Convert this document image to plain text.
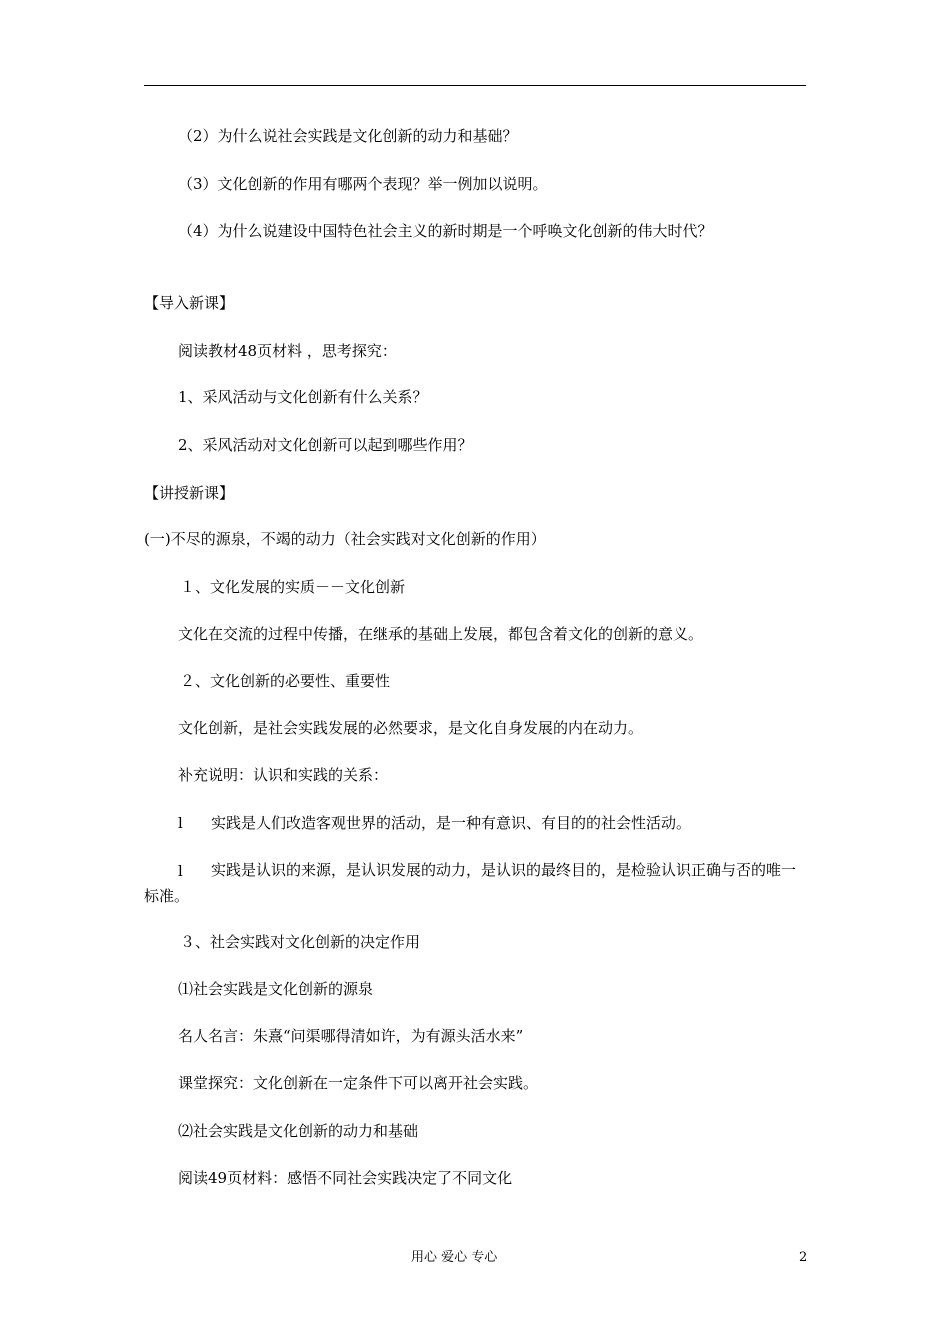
（2）为什么说社会实践是文化创新的动力和基础？
（3）文化创新的作用有哪两个表现？举一例加以说明。
（4）为什么说建设中国特色社会主义的新时期是一个呼唤文化创新的伟大时代？
【导入新课】
阅读教材48页材料 ，思考探究：
1、采风活动与文化创新有什么关系？
2、采风活动对文化创新可以起到哪些作用？
【讲授新课】
(一)不尽的源泉，不竭的动力（社会实践对文化创新的作用）
１、文化发展的实质－－文化创新
文化在交流的过程中传播，在继承的基础上发展，都包含着文化的创新的意义。
２、文化创新的必要性、重要性
文化创新，是社会实践发展的必然要求，是文化自身发展的内在动力。
补充说明：认识和实践的关系：
l 实践是人们改造客观世界的活动，是一种有意识、有目的的社会性活动。
l	实践是认识的来源，是认识发展的动力，是认识的最终目的，是检验认识正确与否的唯一标准。
３、社会实践对文化创新的决定作用
⑴社会实践是文化创新的源泉
名人名言：朱熹“问渠哪得清如许，为有源头活水来”
课堂探究：文化创新在一定条件下可以离开社会实践。
⑵社会实践是文化创新的动力和基础
阅读49页材料：感悟不同社会实践决定了不同文化
用心 爱心 专心	2
